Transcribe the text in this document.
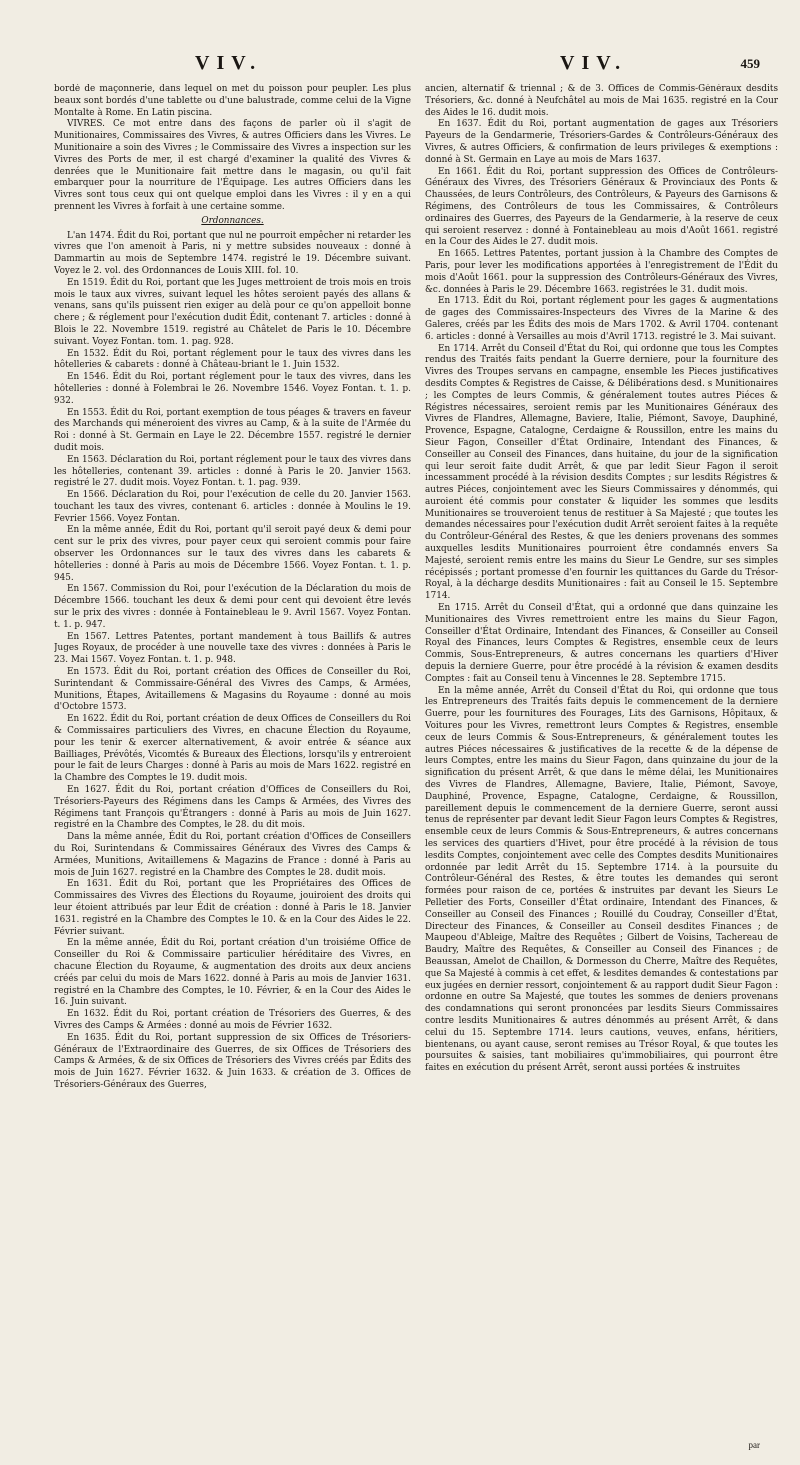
VIV.	VIV.	459

bordé de maçonnerie, dans lequel on met du poisson pour peupler. Les plus beaux sont bordés d'une tablette ou d'une balustrade, comme celui de la Vigne Montalte à Rome. En Latin piscina.

VIVRES. Ce mot entre dans des façons de parler où il s'agit de Munitionaires, Commissaires des Vivres, & autres Officiers dans les Vivres. Le Munitionaire a soin des Vivres ; le Commissaire des Vivres a inspection sur les Vivres des Ports de mer, il est chargé d'examiner la qualité des Vivres & denrées que le Munitionaire fait mettre dans le magasin, ou qu'il fait embarquer pour la nourriture de l'Équipage. Les autres Officiers dans les Vivres sont tous ceux qui ont quelque emploi dans les Vivres : il y en a qui prennent les Vivres à forfait à une certaine somme.

Ordonnances.

L'an 1474. Édit du Roi, portant que nul ne pourroit empêcher ni retarder les vivres que l'on amenoit à Paris, ni y mettre subsides nouveaux : donné à Dammartin au mois de Septembre 1474. registré le 19. Décembre suivant. Voyez le 2. vol. des Ordonnances de Louis XIII. fol. 10.

En 1519. Édit du Roi, portant que les Juges mettroient de trois mois en trois mois le taux aux vivres, suivant lequel les hôtes seroient payés des allans & venans, sans qu'ils puissent rien exiger au delà pour ce qu'on appelloit bonne chere ; & réglement pour l'exécution dudit Édit, contenant 7. articles : donné à Blois le 22. Novembre 1519. registré au Châtelet de Paris le 10. Décembre suivant. Voyez Fontan. tom. 1. pag. 928.

En 1532. Édit du Roi, portant réglement pour le taux des vivres dans les hôtelleries & cabarets : donné à Château-briant le 1. Juin 1532.

En 1546. Édit du Roi, portant réglement pour le taux des vivres, dans les hôtelleries : donné à Folembrai le 26. Novembre 1546. Voyez Fontan. t. 1. p. 932.

En 1553. Édit du Roi, portant exemption de tous péages & travers en faveur des Marchands qui méneroient des vivres au Camp, & à la suite de l'Armée du Roi : donné à St. Germain en Laye le 22. Décembre 1557. registré le dernier dudit mois.

En 1563. Déclaration du Roi, portant réglement pour le taux des vivres dans les hôtelleries, contenant 39. articles : donné à Paris le 20. Janvier 1563. registré le 27. dudit mois. Voyez Fontan. t. 1. pag. 939.

En 1566. Déclaration du Roi, pour l'exécution de celle du 20. Janvier 1563. touchant les taux des vivres, contenant 6. articles : donnée à Moulins le 19. Fevrier 1566. Voyez Fontan.

En la même année, Édit du Roi, portant qu'il seroit payé deux & demi pour cent sur le prix des vivres, pour payer ceux qui seroient commis pour faire observer les Ordonnances sur le taux des vivres dans les cabarets & hôtelleries : donné à Paris au mois de Décembre 1566. Voyez Fontan. t. 1. p. 945.

En 1567. Commission du Roi, pour l'exécution de la Déclaration du mois de Décembre 1566. touchant les deux & demi pour cent qui devoient être levés sur le prix des vivres : donnée à Fontainebleau le 9. Avril 1567. Voyez Fontan. t. 1. p. 947.

En 1567. Lettres Patentes, portant mandement à tous Baillifs & autres Juges Royaux, de procéder à une nouvelle taxe des vivres : données à Paris le 23. Mai 1567. Voyez Fontan. t. 1. p. 948.

En 1573. Édit du Roi, portant création des Offices de Conseiller du Roi, Surintendant & Commissaire-Général des Vivres des Camps, & Armées, Munitions, Étapes, Avitaillemens & Magasins du Royaume : donné au mois d'Octobre 1573.

En 1622. Édit du Roi, portant création de deux Offices de Conseillers du Roi & Commissaires particuliers des Vivres, en chacune Élection du Royaume, pour les tenir & exercer alternativement, & avoir entrée & séance aux Bailliages, Prévôtés, Vicomtés & Bureaux des Élections, lorsqu'ils y entreroient pour le fait de leurs Charges : donné à Paris au mois de Mars 1622. registré en la Chambre des Comptes le 19. dudit mois.

En 1627. Édit du Roi, portant création d'Offices de Conseillers du Roi, Trésoriers-Payeurs des Régimens dans les Camps & Armées, des Vivres des Régimens tant François qu'Étrangers : donné à Paris au mois de Juin 1627. registré en la Chambre des Comptes, le 28. du dit mois.

Dans la même année, Édit du Roi, portant création d'Offices de Conseillers du Roi, Surintendans & Commissaires Généraux des Vivres des Camps & Armées, Munitions, Avitaillemens & Magazins de France : donné à Paris au mois de Juin 1627. registré en la Chambre des Comptes le 28. dudit mois.

En 1631. Édit du Roi, portant que les Propriétaires des Offices de Commissaires des Vivres des Élections du Royaume, jouiroient des droits qui leur étoient attribués par leur Édit de création : donné à Paris le 18. Janvier 1631. registré en la Chambre des Comptes le 10. & en la Cour des Aides le 22. Février suivant.

En la même année, Édit du Roi, portant création d'un troisiéme Office de Conseiller du Roi & Commissaire particulier héréditaire des Vivres, en chacune Élection du Royaume, & augmentation des droits aux deux anciens créés par celui du mois de Mars 1622. donné à Paris au mois de Janvier 1631. registré en la Chambre des Comptes, le 10. Février, & en la Cour des Aides le 16. Juin suivant.

En 1632. Édit du Roi, portant création de Trésoriers des Guerres, & des Vivres des Camps & Armées : donné au mois de Février 1632.

En 1635. Édit du Roi, portant suppression de six Offices de Trésoriers-Généraux de l'Extraordinaire des Guerres, de six Offices de Trésoriers des Camps & Armées, & de six Offices de Trésoriers des Vivres créés par Édits des mois de Juin 1627. Février 1632. & Juin 1633. & création de 3. Offices de Trésoriers-Généraux des Guerres,

ancien, alternatif & triennal ; & de 3. Offices de Commis-Généraux desdits Trésoriers, &c. donné à Neufchâtel au mois de Mai 1635. registré en la Cour des Aides le 16. dudit mois.

En 1637. Édit du Roi, portant augmentation de gages aux Trésoriers Payeurs de la Gendarmerie, Trésoriers-Gardes & Contrôleurs-Généraux des Vivres, & autres Officiers, & confirmation de leurs privileges & exemptions : donné à St. Germain en Laye au mois de Mars 1637.

En 1661. Édit du Roi, portant suppression des Offices de Contrôleurs-Généraux des Vivres, des Trésoriers Généraux & Provinciaux des Ponts & Chaussées, de leurs Contrôleurs, des Contrôleurs, & Payeurs des Garnisons & Régimens, des Contrôleurs de tous les Commissaires, & Contrôleurs ordinaires des Guerres, des Payeurs de la Gendarmerie, à la reserve de ceux qui seroient reservez : donné à Fontainebleau au mois d'Août 1661. registré en la Cour des Aides le 27. dudit mois.

En 1665. Lettres Patentes, portant jussion à la Chambre des Comptes de Paris, pour lever les modifications apportées à l'enregistrement de l'Édit du mois d'Août 1661. pour la suppression des Contrôleurs-Généraux des Vivres, &c. données à Paris le 29. Décembre 1663. registrées le 31. dudit mois.

En 1713. Édit du Roi, portant réglement pour les gages & augmentations de gages des Commissaires-Inspecteurs des Vivres de la Marine & des Galeres, créés par les Édits des mois de Mars 1702. & Avril 1704. contenant 6. articles : donné à Versailles au mois d'Avril 1713. registré le 3. Mai suivant.

En 1714. Arrêt du Conseil d'État du Roi, qui ordonne que tous les Comptes rendus des Traités faits pendant la Guerre derniere, pour la fourniture des Vivres des Troupes servans en campagne, ensemble les Pieces justificatives desdits Comptes & Registres de Caisse, & Délibérations desd. s Munitionaires ; les Comptes de leurs Commis, & généralement toutes autres Piéces & Régistres nécessaires, seroient remis par les Munitionaires Généraux des Vivres de Flandres, Allemagne, Baviere, Italie, Piémont, Savoye, Dauphiné, Provence, Espagne, Catalogne, Cerdaigne & Roussillon, entre les mains du Sieur Fagon, Conseiller d'État Ordinaire, Intendant des Finances, & Conseiller au Conseil des Finances, dans huitaine, du jour de la signification qui leur seroit faite dudit Arrêt, & que par ledit Sieur Fagon il seroit incessamment procédé à la révision desdits Comptes ; sur lesdits Régistres & autres Piéces, conjointement avec les Sieurs Commissaires y dénommés, qui auroient été commis pour constater & liquider les sommes que lesdits Munitionaires se trouveroient tenus de restituer à Sa Majesté ; que toutes les demandes nécessaires pour l'exécution dudit Arrêt seroient faites à la requête du Contrôleur-Général des Restes, & que les deniers provenans des sommes auxquelles lesdits Munitionaires pourroient être condamnés envers Sa Majesté, seroient remis entre les mains du Sieur Le Gendre, sur ses simples récépissés ; portant promesse d'en fournir les quittances du Garde du Trésor-Royal, à la décharge desdits Munitionaires : fait au Conseil le 15. Septembre 1714.

En 1715. Arrêt du Conseil d'État, qui a ordonné que dans quinzaine les Munitionaires des Vivres remettroient entre les mains du Sieur Fagon, Conseiller d'État Ordinaire, Intendant des Finances, & Conseiller au Conseil Royal des Finances, leurs Comptes & Registres, ensemble ceux de leurs Commis, Sous-Entrepreneurs, & autres concernans les quartiers d'Hiver depuis la derniere Guerre, pour être procédé à la révision & examen desdits Comptes : fait au Conseil tenu à Vincennes le 28. Septembre 1715.

En la même année, Arrêt du Conseil d'État du Roi, qui ordonne que tous les Entrepreneurs des Traités faits depuis le commencement de la derniere Guerre, pour les fournitures des Fourages, Lits des Garnisons, Hôpitaux, & Voitures pour les Vivres, remettront leurs Comptes & Registres, ensemble ceux de leurs Commis & Sous-Entrepreneurs, & généralement toutes les autres Piéces nécessaires & justificatives de la recette & de la dépense de leurs Comptes, entre les mains du Sieur Fagon, dans quinzaine du jour de la signification du présent Arrêt, & que dans le même délai, les Munitionaires des Vivres de Flandres, Allemagne, Baviere, Italie, Piémont, Savoye, Dauphiné, Provence, Espagne, Catalogne, Cerdaigne, & Roussillon, pareillement depuis le commencement de la derniere Guerre, seront aussi tenus de représenter par devant ledit Sieur Fagon leurs Comptes & Registres, ensemble ceux de leurs Commis & Sous-Entrepreneurs, & autres concernans les services des quartiers d'Hivet, pour être procédé à la révision de tous lesdits Comptes, conjointement avec celle des Comptes desdits Munitionaires ordonnée par ledit Arrêt du 15. Septembre 1714. à la poursuite du Contrôleur-Général des Restes, & être toutes les demandes qui seront formées pour raison de ce, portées & instruites par devant les Sieurs Le Pelletier des Forts, Conseiller d'État ordinaire, Intendant des Finances, & Conseiller au Conseil des Finances ; Rouillé du Coudray, Conseiller d'État, Directeur des Finances, & Conseiller au Conseil desdites Finances ; de Maupeou d'Ableige, Maître des Requêtes ; Gilbert de Voisins, Tachereau de Baudry, Maître des Requêtes, & Conseiller au Conseil des Finances ; de Beaussan, Amelot de Chaillon, & Dormesson du Cherre, Maître des Requêtes, que Sa Majesté à commis à cet effet, & lesdites demandes & contestations par eux jugées en dernier ressort, conjointement & au rapport dudit Sieur Fagon : ordonne en outre Sa Majesté, que toutes les sommes de deniers provenans des condamnations qui seront prononcées par lesdits Sieurs Commissaires contre lesdits Munitionaires & autres dénommés au présent Arrêt, & dans celui du 15. Septembre 1714. leurs cautions, veuves, enfans, héritiers, bientenans, ou ayant cause, seront remises au Trésor Royal, & que toutes les poursuites & saisies, tant mobiliaires qu'immobiliaires, qui pourront être faites en exécution du présent Arrêt, seront aussi portées & instruites

par
